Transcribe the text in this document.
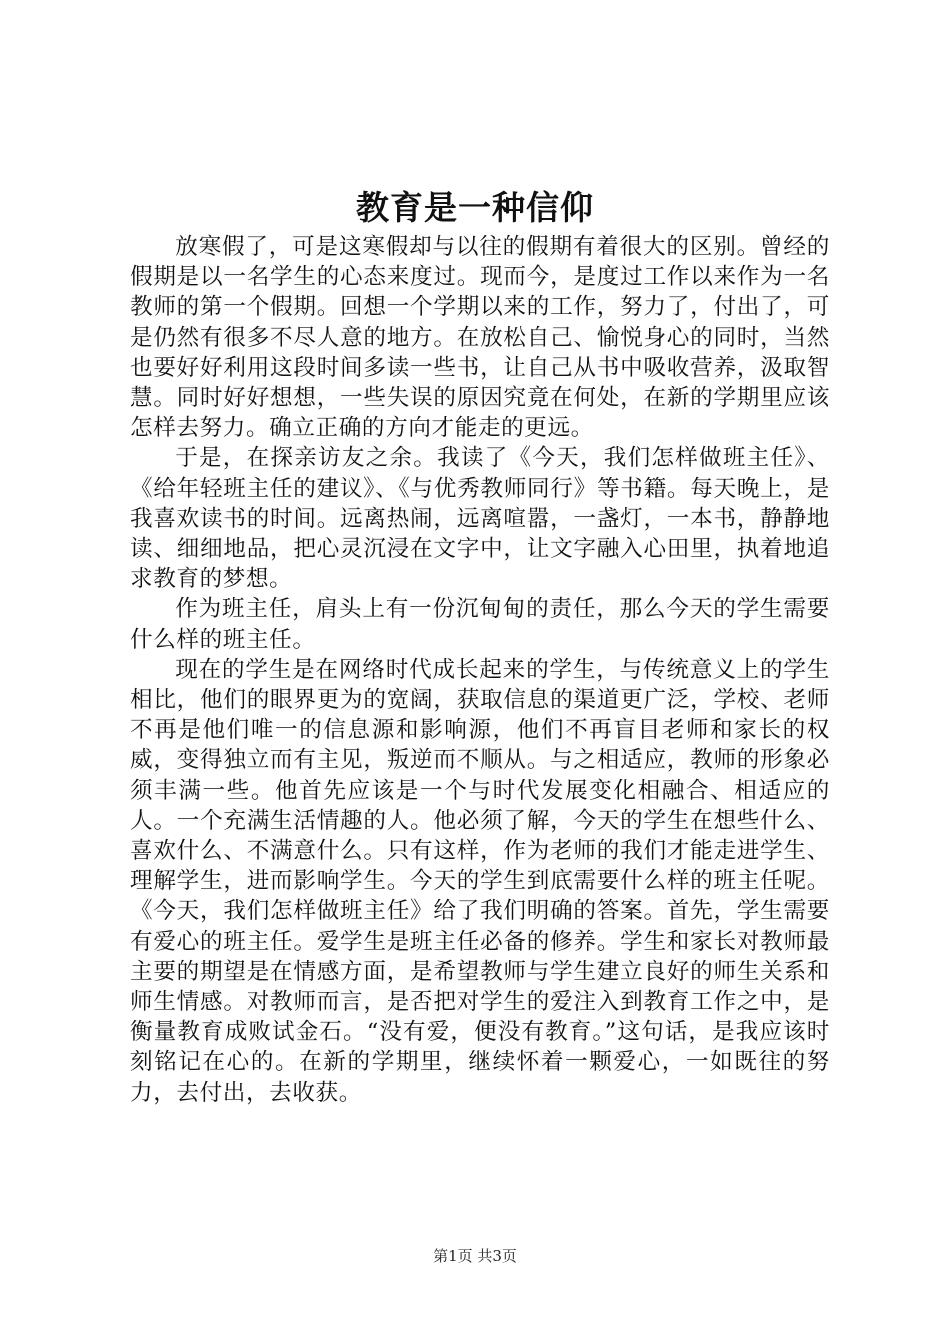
教育是一种信仰

放寒假了，可是这寒假却与以往的假期有着很大的区别。曾经的假期是以一名学生的心态来度过。现而今，是度过工作以来作为一名教师的第一个假期。回想一个学期以来的工作，努力了，付出了，可是仍然有很多不尽人意的地方。在放松自己、愉悦身心的同时，当然也要好好利用这段时间多读一些书，让自己从书中吸收营养，汲取智慧。同时好好想想，一些失误的原因究竟在何处，在新的学期里应该怎样去努力。确立正确的方向才能走的更远。

于是，在探亲访友之余。我读了《今天，我们怎样做班主任》、《给年轻班主任的建议》、《与优秀教师同行》等书籍。每天晚上，是我喜欢读书的时间。远离热闹，远离喧嚣，一盏灯，一本书，静静地读、细细地品，把心灵沉浸在文字中，让文字融入心田里，执着地追求教育的梦想。

作为班主任，肩头上有一份沉甸甸的责任，那么今天的学生需要什么样的班主任。

现在的学生是在网络时代成长起来的学生，与传统意义上的学生相比，他们的眼界更为的宽阔，获取信息的渠道更广泛，学校、老师不再是他们唯一的信息源和影响源，他们不再盲目老师和家长的权威，变得独立而有主见，叛逆而不顺从。与之相适应，教师的形象必须丰满一些。他首先应该是一个与时代发展变化相融合、相适应的人。一个充满生活情趣的人。他必须了解，今天的学生在想些什么、喜欢什么、不满意什么。只有这样，作为老师的我们才能走进学生、理解学生，进而影响学生。今天的学生到底需要什么样的班主任呢。《今天，我们怎样做班主任》给了我们明确的答案。首先，学生需要有爱心的班主任。爱学生是班主任必备的修养。学生和家长对教师最主要的期望是在情感方面，是希望教师与学生建立良好的师生关系和师生情感。对教师而言，是否把对学生的爱注入到教育工作之中，是衡量教育成败试金石。“没有爱，便没有教育。”这句话，是我应该时刻铭记在心的。在新的学期里，继续怀着一颗爱心，一如既往的努力，去付出，去收获。

第1页 共3页
